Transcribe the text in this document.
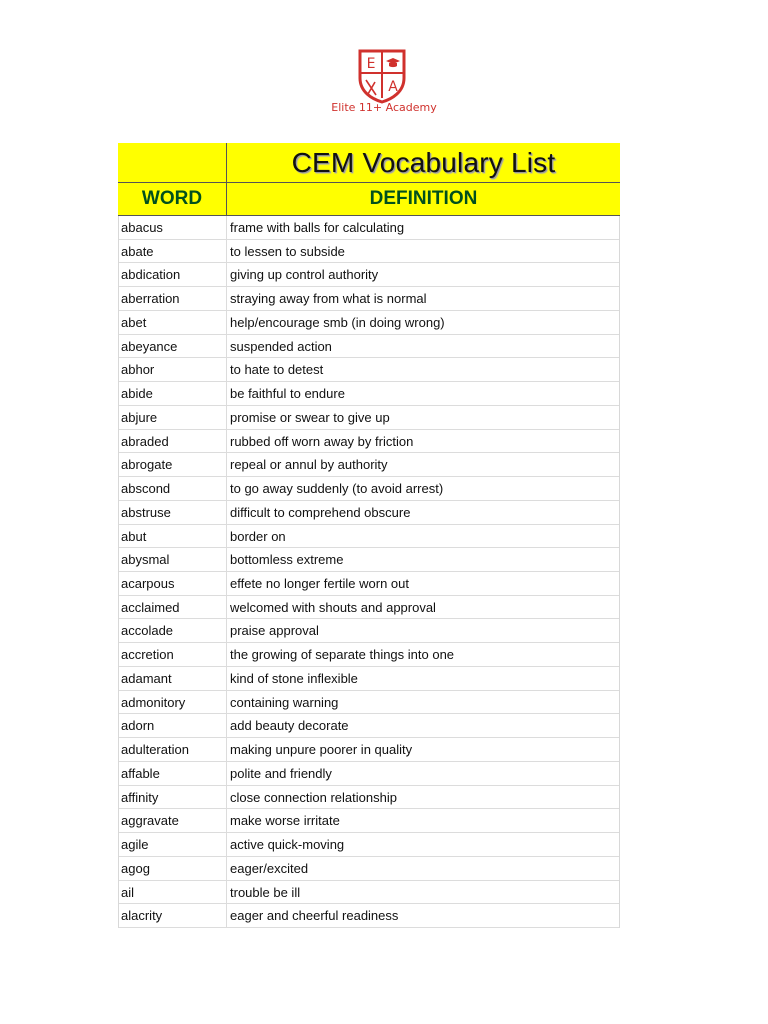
E
A
Elite 11+ Academy
CEM Vocabulary List
WORD	DEFINITION
abacus	frame with balls for calculating
abate	to lessen to subside
abdication	giving up control authority
aberration	straying away from what is normal
abet	help/encourage smb (in doing wrong)
abeyance	suspended action
abhor	to hate to detest
abide	be faithful to endure
abjure	promise or swear to give up
abraded	rubbed off worn away by friction
abrogate	repeal or annul by authority
abscond	to go away suddenly (to avoid arrest)
abstruse	difficult to comprehend obscure
abut	border on
abysmal	bottomless extreme
acarpous	effete no longer fertile worn out
acclaimed	welcomed with shouts and approval
accolade	praise approval
accretion	the growing of separate things into one
adamant	kind of stone inflexible
admonitory	containing warning
adorn	add beauty decorate
adulteration	making unpure poorer in quality
affable	polite and friendly
affinity	close connection relationship
aggravate	make worse irritate
agile	active quick-moving
agog	eager/excited
ail	trouble be ill
alacrity	eager and cheerful readiness
